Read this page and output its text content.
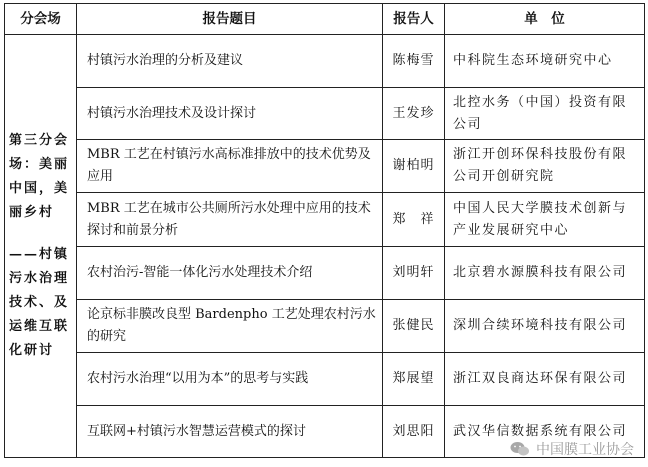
分会场	报告题目	报告人	单　位
第三分会场：美丽中国，美丽乡村
——村镇污水治理技术、及运维互联化研讨	村镇污水治理的分析及建议	陈梅雪	中科院生态环境研究中心
	村镇污水治理技术及设计探讨	王发珍	北控水务（中国）投资有限公司
	MBR 工艺在村镇污水高标准排放中的技术优势及应用	谢柏明	浙江开创环保科技股份有限公司开创研究院
	MBR 工艺在城市公共厕所污水处理中应用的技术探讨和前景分析	郑　祥	中国人民大学膜技术创新与产业发展研究中心
	农村治污-智能一体化污水处理技术介绍	刘明轩	北京碧水源膜科技有限公司
	论京标非膜改良型 Bardenpho 工艺处理农村污水的研究	张健民	深圳合续环境科技有限公司
	农村污水治理“以用为本”的思考与实践	郑展望	浙江双良商达环保有限公司
	互联网+村镇污水智慧运营模式的探讨	刘思阳	武汉华信数据系统有限公司
中国膜工业协会
